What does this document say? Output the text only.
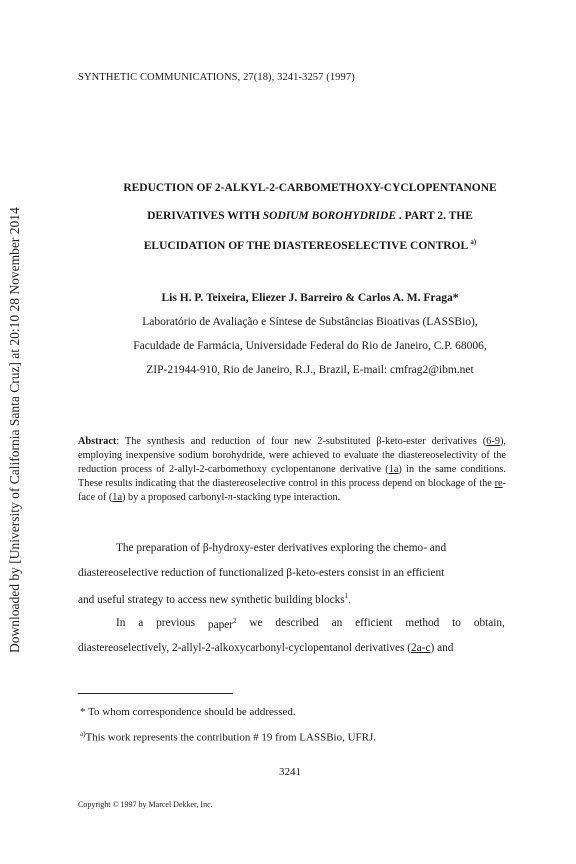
SYNTHETIC COMMUNICATIONS, 27(18), 3241-3257 (1997)
Downloaded by [University of California Santa Cruz] at 20:10 28 November 2014
REDUCTION OF 2-ALKYL-2-CARBOMETHOXY-CYCLOPENTANONE
DERIVATIVES WITH SODIUM BOROHYDRIDE . PART 2. THE
ELUCIDATION OF THE DIASTEREOSELECTIVE CONTROL $^{a)}$
Lis H. P. Teixeira, Eliezer J. Barreiro & Carlos A. M. Fraga*
Laboratório de Avaliação e Síntese de Substâncias Bioativas (LASSBio),
Faculdade de Farmácia, Universidade Federal do Rio de Janeiro, C.P. 68006,
ZIP-21944-910, Rio de Janeiro, R.J., Brazil, E-mail: cmfrag2@ibm.net
Abstract: The synthesis and reduction of four new 2-substituted β-keto-ester derivatives (6-9), employing inexpensive sodium borohydride, were achieved to evaluate the diastereoselectivity of the reduction process of 2-allyl-2-carbomethoxy cyclopentanone derivative (1a) in the same conditions. These results indicating that the diastereoselective control in this process depend on blockage of the re-face of (1a) by a proposed carbonyl-π-stacking type interaction.
The preparation of β-hydroxy-ester derivatives exploring the chemo- and
diastereoselective reduction of functionalized β-keto-esters consist in an efficient
and useful strategy to access new synthetic building blocks$^1$.
In a previous paper$^2$ we described an efficient method to obtain,
diastereoselectively, 2-allyl-2-alkoxycarbonyl-cyclopentanol derivatives (2a-c) and
* To whom correspondence should be addressed.
$^{a)}$This work represents the contribution # 19 from LASSBio, UFRJ.
3241
Copyright © 1997 by Marcel Dekker, Inc.
